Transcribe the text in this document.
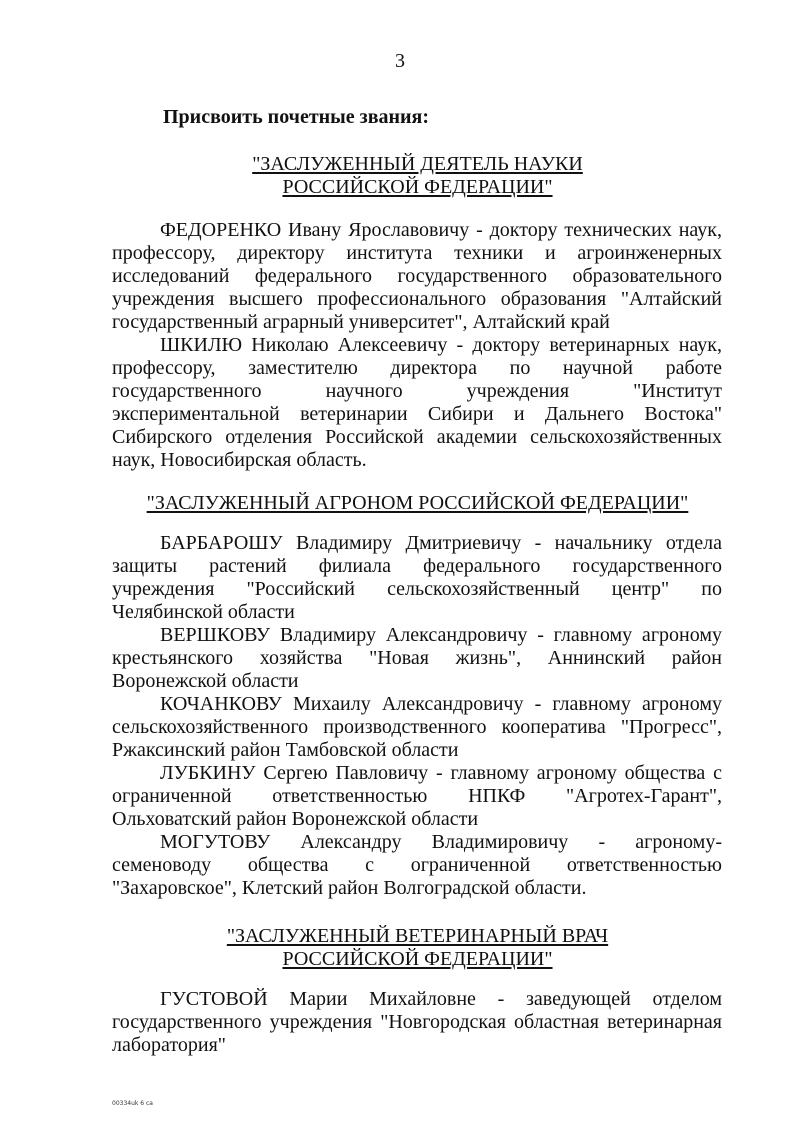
3
Присвоить почетные звания:
"ЗАСЛУЖЕННЫЙ ДЕЯТЕЛЬ НАУКИ
РОССИЙСКОЙ ФЕДЕРАЦИИ"
ФЕДОРЕНКО Ивану Ярославовичу - доктору технических наук,
профессору, директору института техники и агроинженерных
исследований федерального государственного образовательного
учреждения высшего профессионального образования "Алтайский
государственный аграрный университет", Алтайский край
ШКИЛЮ Николаю Алексеевичу - доктору ветеринарных наук,
профессору, заместителю директора по научной работе
государственного научного учреждения "Институт
экспериментальной ветеринарии Сибири и Дальнего Востока"
Сибирского отделения Российской академии сельскохозяйственных
наук, Новосибирская область.
"ЗАСЛУЖЕННЫЙ АГРОНОМ РОССИЙСКОЙ ФЕДЕРАЦИИ"
БАРБАРОШУ Владимиру Дмитриевичу - начальнику отдела
защиты растений филиала федерального государственного
учреждения "Российский сельскохозяйственный центр" по
Челябинской области
ВЕРШКОВУ Владимиру Александровичу - главному агроному
крестьянского хозяйства "Новая жизнь", Аннинский район
Воронежской области
КОЧАНКОВУ Михаилу Александровичу - главному агроному
сельскохозяйственного производственного кооператива "Прогресс",
Ржаксинский район Тамбовской области
ЛУБКИНУ Сергею Павловичу - главному агроному общества с
ограниченной ответственностью НПКФ "Агротех-Гарант",
Ольховатский район Воронежской области
МОГУТОВУ Александру Владимировичу - агроному-
семеноводу общества с ограниченной ответственностью
"Захаровское", Клетский район Волгоградской области.
"ЗАСЛУЖЕННЫЙ ВЕТЕРИНАРНЫЙ ВРАЧ
РОССИЙСКОЙ ФЕДЕРАЦИИ"
ГУСТОВОЙ Марии Михайловне - заведующей отделом
государственного учреждения "Новгородская областная ветеринарная
лаборатория"
00334uk 6 ca
